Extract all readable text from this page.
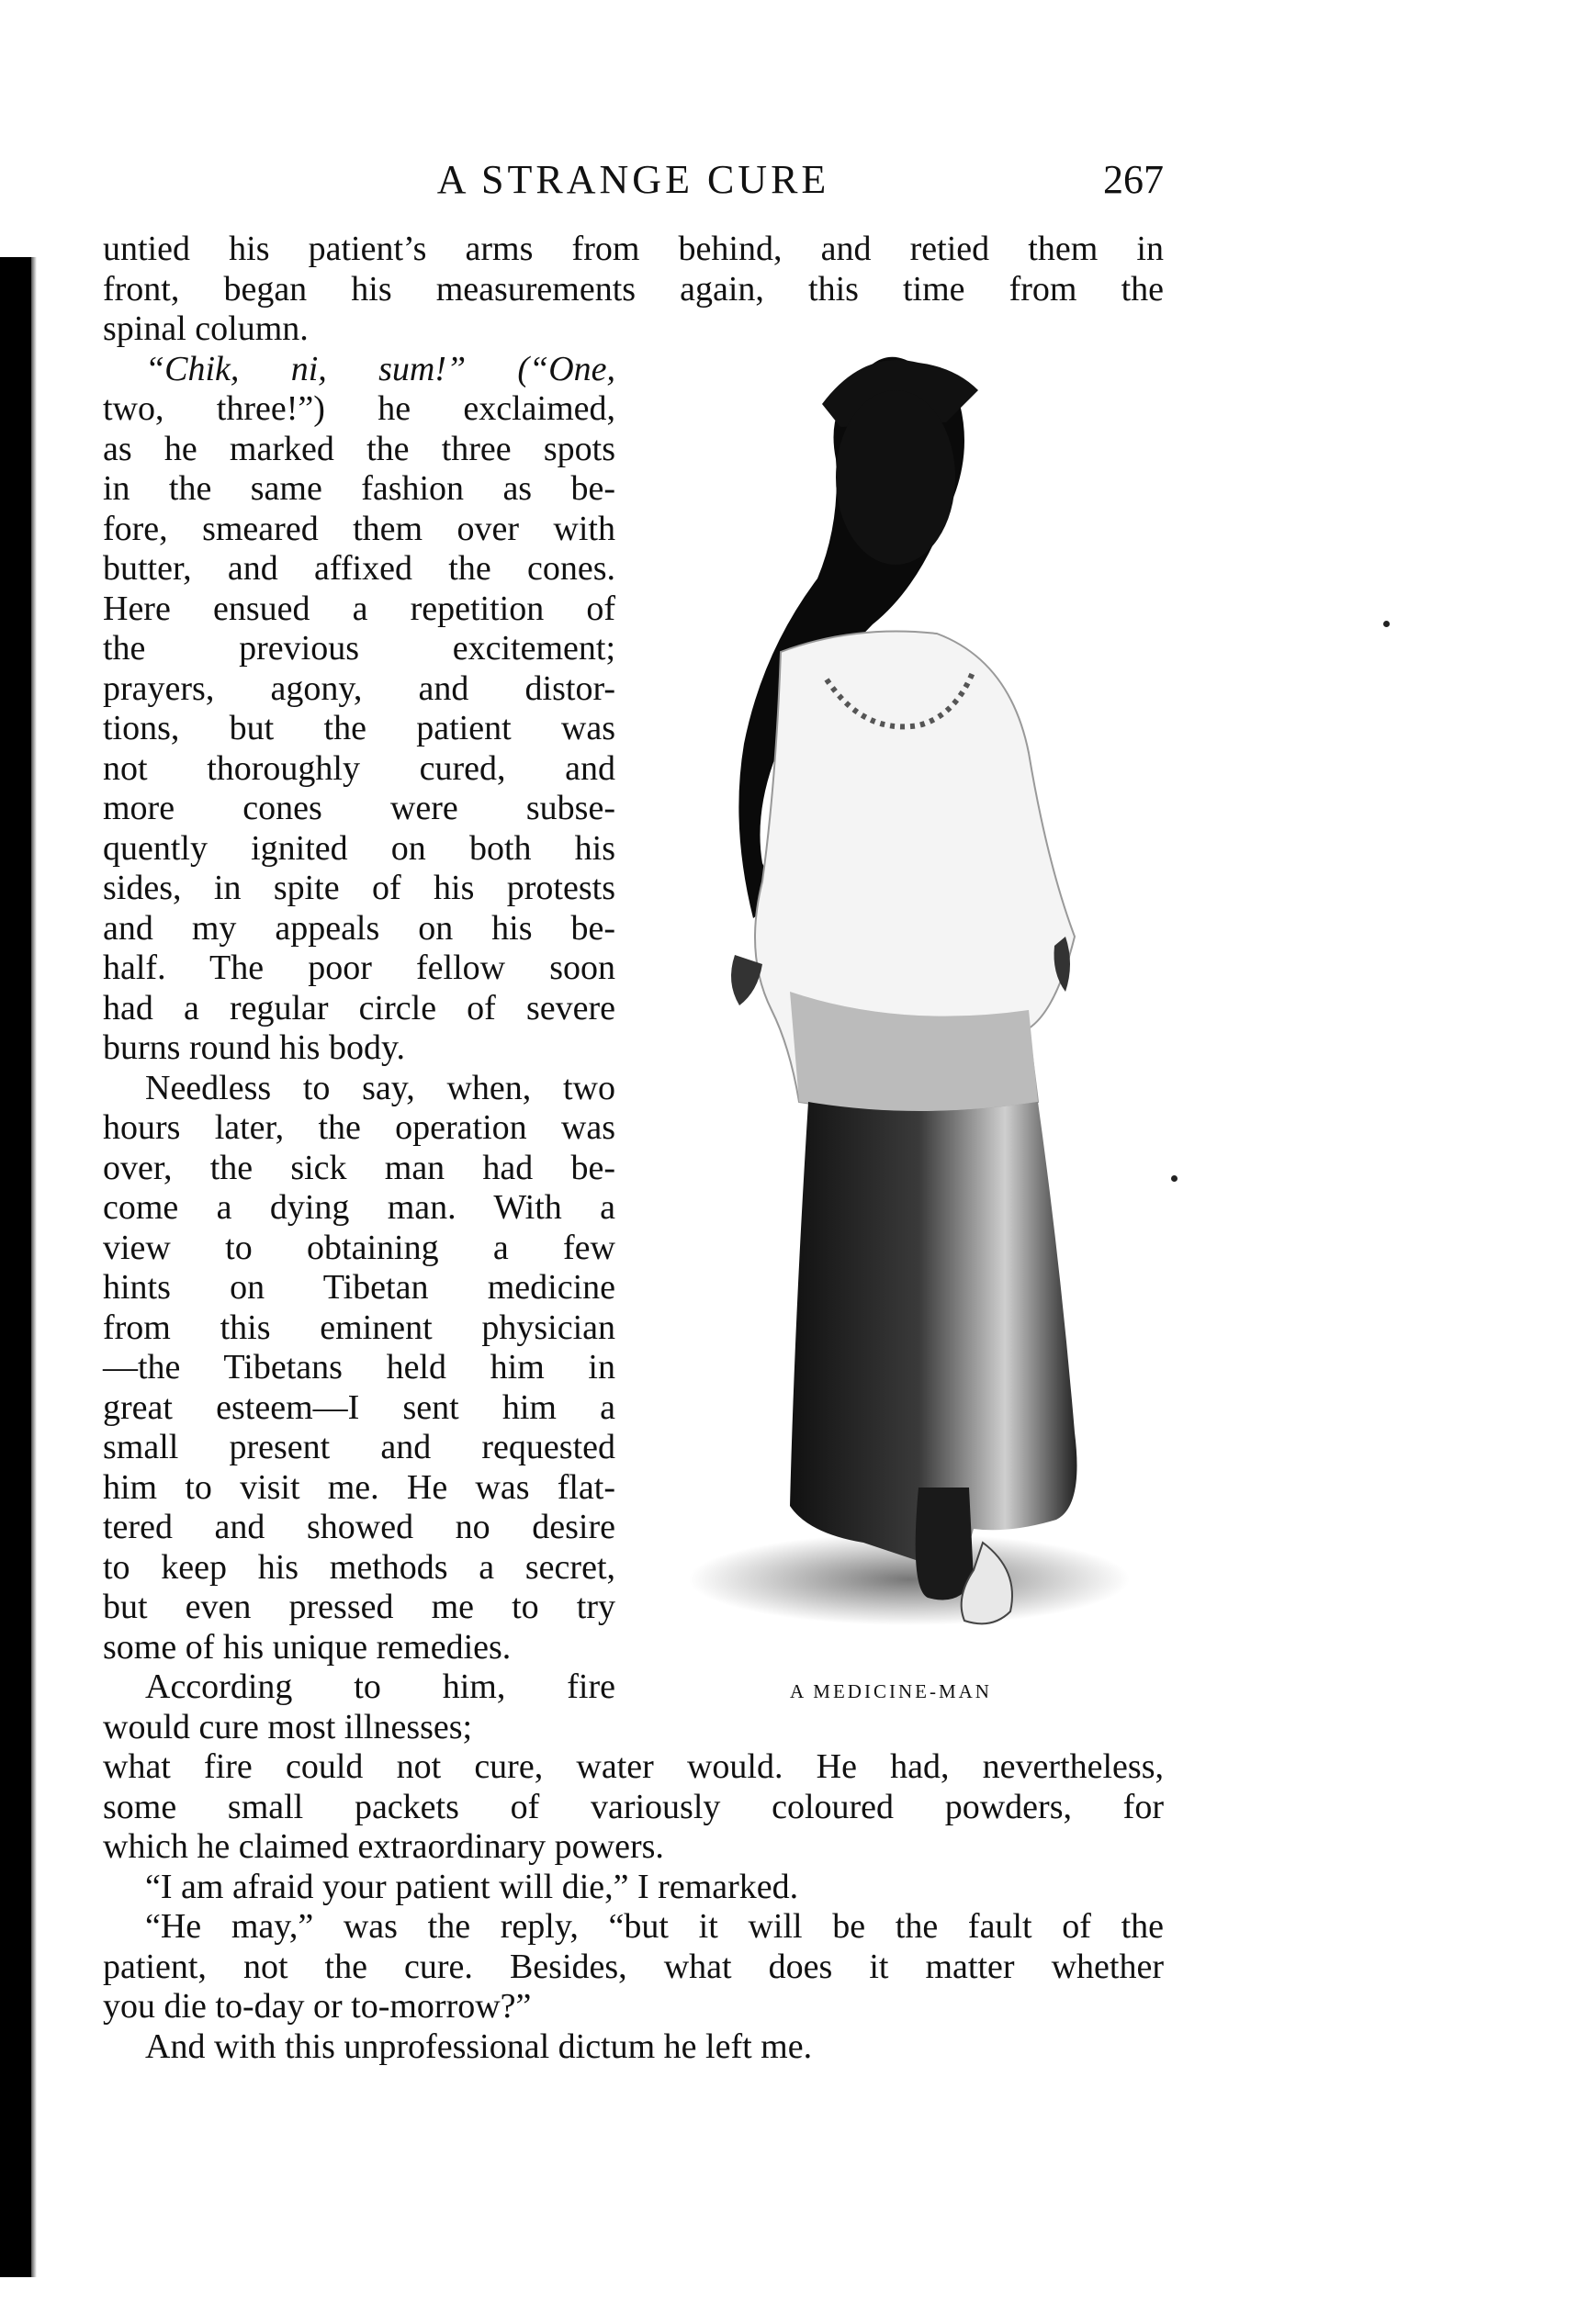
A STRANGE CURE	267
untied his patient’s arms from behind, and retied them in
front, began his measurements again, this time from the
spinal column.
“Chik, ni, sum!” (“One,
two, three!”) he exclaimed,
as he marked the three spots
in the same fashion as be-
fore, smeared them over with
butter, and affixed the cones.
Here ensued a repetition of
the previous excitement;
prayers, agony, and distor-
tions, but the patient was
not thoroughly cured, and
more cones were subse-
quently ignited on both his
sides, in spite of his protests
and my appeals on his be-
half. The poor fellow soon
had a regular circle of severe
burns round his body.
Needless to say, when, two
hours later, the operation was
over, the sick man had be-
come a dying man. With a
view to obtaining a few
hints on Tibetan medicine
from this eminent physician
—the Tibetans held him in
great esteem—I sent him a
small present and requested
him to visit me. He was flat-
tered and showed no desire
to keep his methods a secret,
but even pressed me to try
some of his unique remedies.
According to him, fire
would cure most illnesses;
what fire could not cure, water would. He had, nevertheless,
some small packets of variously coloured powders, for
which he claimed extraordinary powers.
“I am afraid your patient will die,” I remarked.
“He may,” was the reply, “but it will be the fault of the
patient, not the cure. Besides, what does it matter whether
you die to-day or to-morrow?”
And with this unprofessional dictum he left me.
A MEDICINE-MAN
